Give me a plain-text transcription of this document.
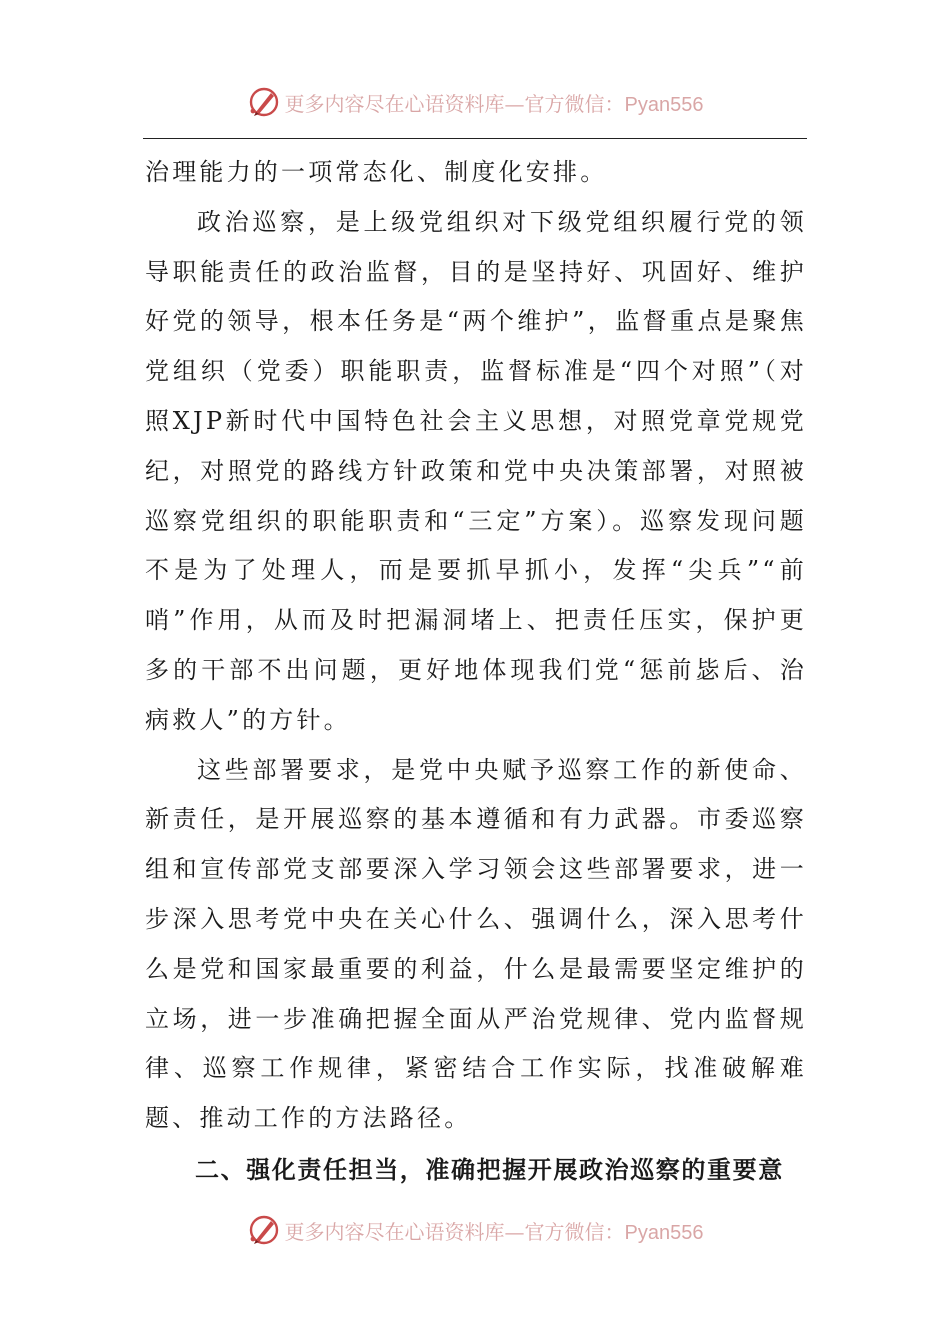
更多内容尽在心语资料库—官方微信：Pyan556

治理能力的一项常态化、制度化安排。

政治巡察，是上级党组织对下级党组织履行党的领导职能责任的政治监督，目的是坚持好、巩固好、维护好党的领导，根本任务是“两个维护”，监督重点是聚焦党组织（党委）职能职责，监督标准是“四个对照”（对照XJP新时代中国特色社会主义思想，对照党章党规党纪，对照党的路线方针政策和党中央决策部署，对照被巡察党组织的职能职责和“三定”方案）。巡察发现问题不是为了处理人，而是要抓早抓小，发挥“尖兵”“前哨”作用，从而及时把漏洞堵上、把责任压实，保护更多的干部不出问题，更好地体现我们党“惩前毖后、治病救人”的方针。

这些部署要求，是党中央赋予巡察工作的新使命、新责任，是开展巡察的基本遵循和有力武器。市委巡察组和宣传部党支部要深入学习领会这些部署要求，进一步深入思考党中央在关心什么、强调什么，深入思考什么是党和国家最重要的利益，什么是最需要坚定维护的立场，进一步准确把握全面从严治党规律、党内监督规律、巡察工作规律，紧密结合工作实际，找准破解难题、推动工作的方法路径。

二、强化责任担当，准确把握开展政治巡察的重要意

更多内容尽在心语资料库—官方微信：Pyan556
